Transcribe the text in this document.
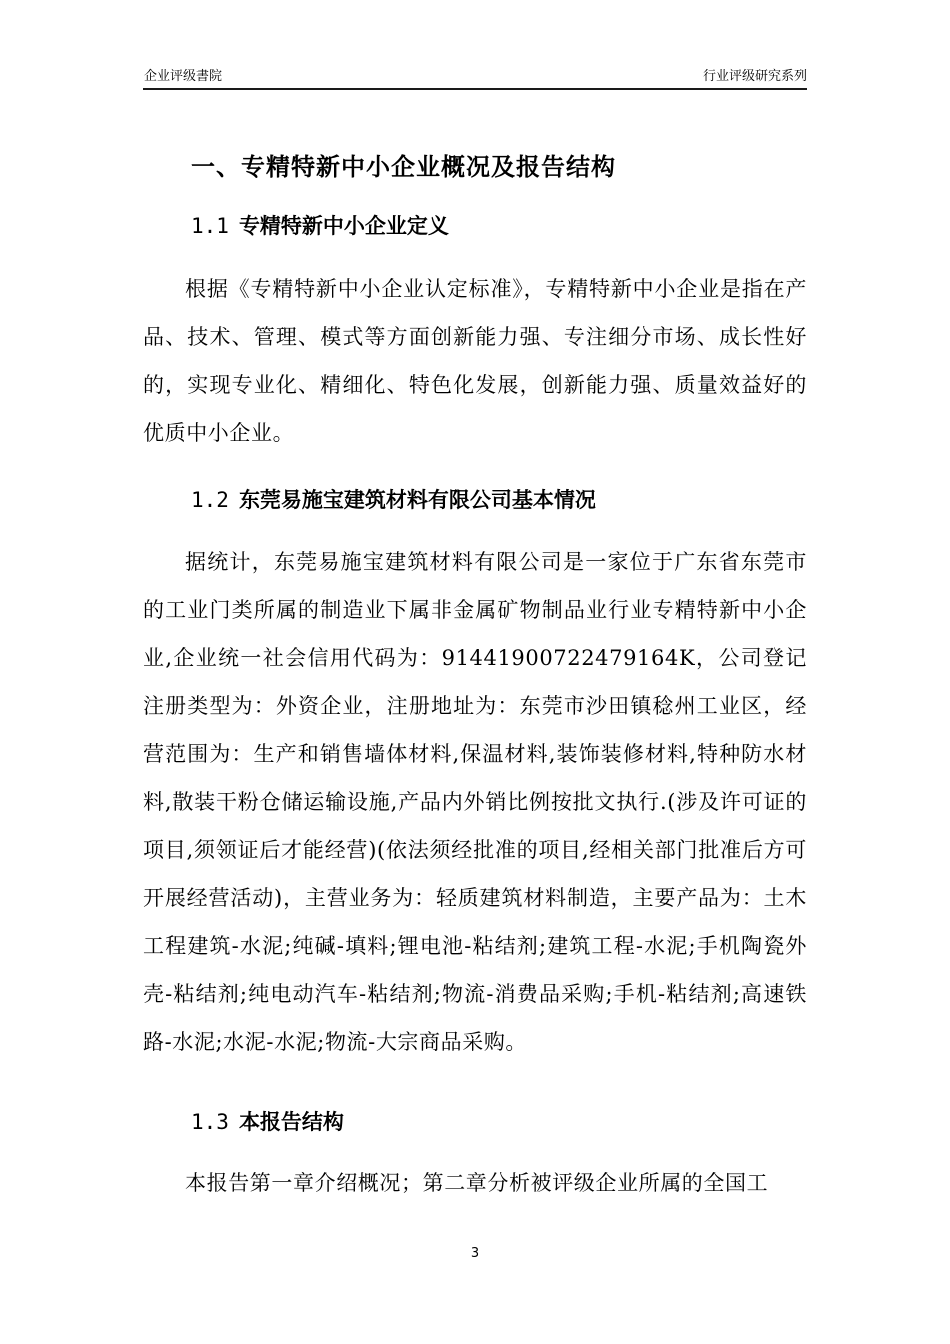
企业评级書院	行业评级研究系列
一、专精特新中小企业概况及报告结构
1.1 专精特新中小企业定义
根据《专精特新中小企业认定标准》，专精特新中小企业是指在产品、技术、管理、模式等方面创新能力强、专注细分市场、成长性好的，实现专业化、精细化、特色化发展，创新能力强、质量效益好的优质中小企业。
1.2 东莞易施宝建筑材料有限公司基本情况
据统计，东莞易施宝建筑材料有限公司是一家位于广东省东莞市的工业门类所属的制造业下属非金属矿物制品业行业专精特新中小企业,企业统一社会信用代码为：91441900722479164K，公司登记注册类型为：外资企业，注册地址为：东莞市沙田镇稔州工业区，经营范围为：生产和销售墙体材料,保温材料,装饰装修材料,特种防水材料,散装干粉仓储运输设施,产品内外销比例按批文执行.(涉及许可证的项目,须领证后才能经营)(依法须经批准的项目,经相关部门批准后方可开展经营活动)，主营业务为：轻质建筑材料制造，主要产品为：土木工程建筑-水泥;纯碱-填料;锂电池-粘结剂;建筑工程-水泥;手机陶瓷外壳-粘结剂;纯电动汽车-粘结剂;物流-消费品采购;手机-粘结剂;高速铁路-水泥;水泥-水泥;物流-大宗商品采购。
1.3 本报告结构
本报告第一章介绍概况；第二章分析被评级企业所属的全国工
3
